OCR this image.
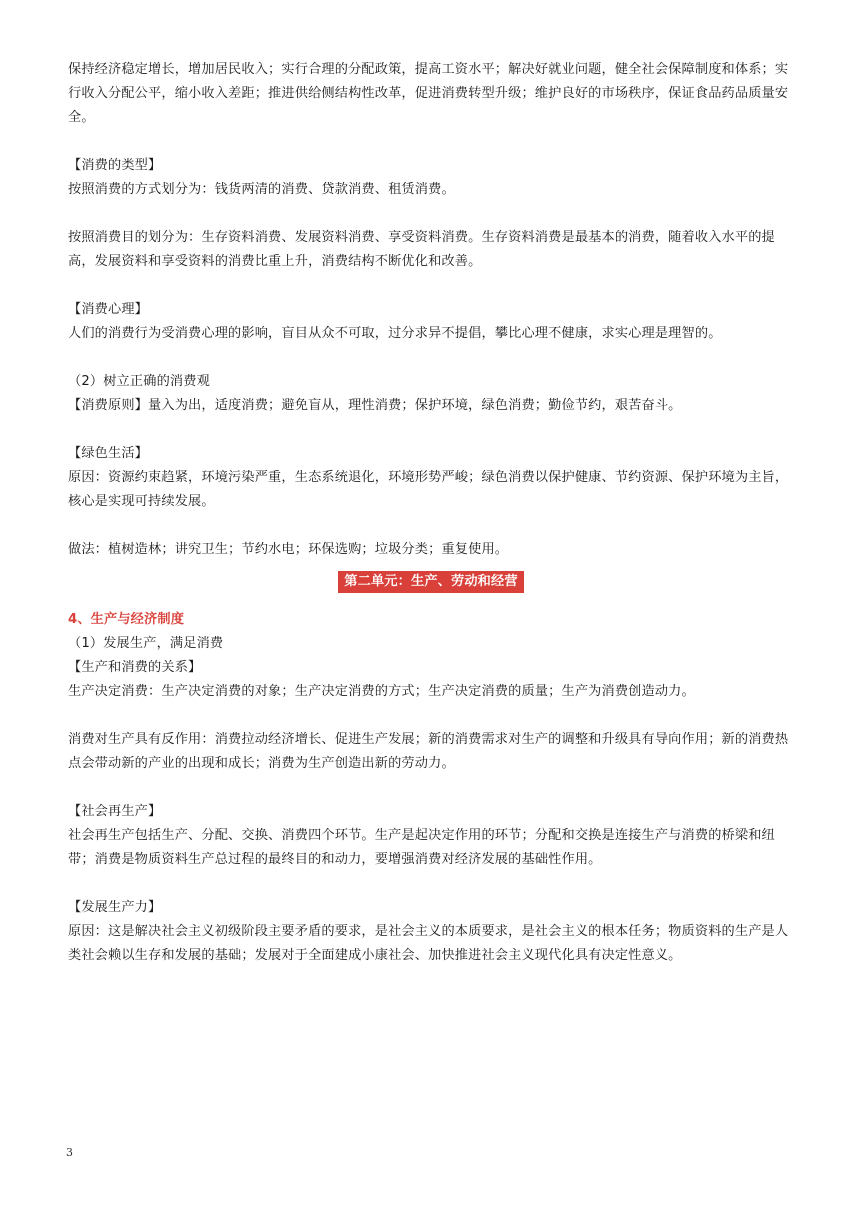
保持经济稳定增长，增加居民收入；实行合理的分配政策，提高工资水平；解决好就业问题，健全社会保障制度和体系；实行收入分配公平，缩小收入差距；推进供给侧结构性改革，促进消费转型升级；维护良好的市场秩序，保证食品药品质量安全。

【消费的类型】

按照消费的方式划分为：钱货两清的消费、贷款消费、租赁消费。

按照消费目的划分为：生存资料消费、发展资料消费、享受资料消费。生存资料消费是最基本的消费，随着收入水平的提高，发展资料和享受资料的消费比重上升，消费结构不断优化和改善。

【消费心理】

人们的消费行为受消费心理的影响，盲目从众不可取，过分求异不提倡，攀比心理不健康，求实心理是理智的。

（2）树立正确的消费观

【消费原则】量入为出，适度消费；避免盲从，理性消费；保护环境，绿色消费；勤俭节约，艰苦奋斗。

【绿色生活】

原因：资源约束趋紧，环境污染严重，生态系统退化，环境形势严峻；绿色消费以保护健康、节约资源、保护环境为主旨，核心是实现可持续发展。

做法：植树造林；讲究卫生；节约水电；环保选购；垃圾分类；重复使用。

第二单元：生产、劳动和经营

4、生产与经济制度

（1）发展生产，满足消费

【生产和消费的关系】

生产决定消费：生产决定消费的对象；生产决定消费的方式；生产决定消费的质量；生产为消费创造动力。

消费对生产具有反作用：消费拉动经济增长、促进生产发展；新的消费需求对生产的调整和升级具有导向作用；新的消费热点会带动新的产业的出现和成长；消费为生产创造出新的劳动力。

【社会再生产】

社会再生产包括生产、分配、交换、消费四个环节。生产是起决定作用的环节；分配和交换是连接生产与消费的桥梁和纽带；消费是物质资料生产总过程的最终目的和动力，要增强消费对经济发展的基础性作用。

【发展生产力】

原因：这是解决社会主义初级阶段主要矛盾的要求，是社会主义的本质要求，是社会主义的根本任务；物质资料的生产是人类社会赖以生存和发展的基础；发展对于全面建成小康社会、加快推进社会主义现代化具有决定性意义。

3
